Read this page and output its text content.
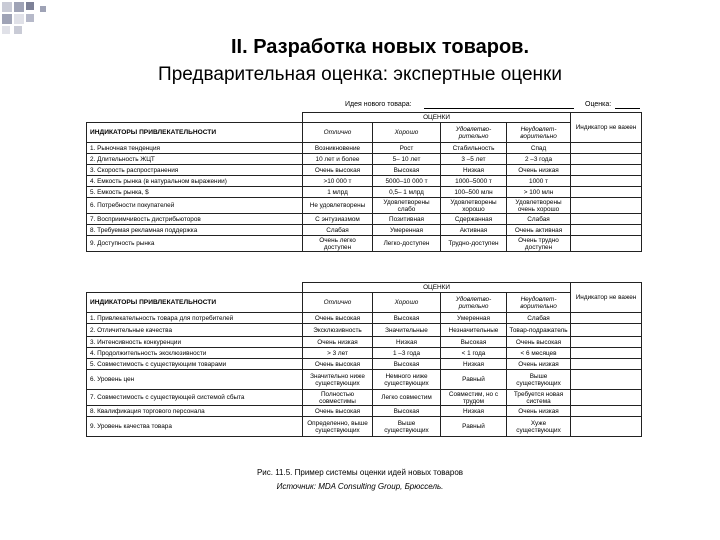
II. Разработка новых товаров.
Предварительная оценка: экспертные оценки
Идея нового товара:	Оценка:
	ОЦЕНКИ				Индикатор не важен
ИНДИКАТОРЫ ПРИВЛЕКАТЕЛЬНОСТИ	Отлично	Хорошо	Удовлетво-рительно	Неудовлет-ворительно	
1. Рыночная тенденция	Возникновение	Рост	Стабильность	Спад	
2. Длительность ЖЦТ	10 лет и более	5– 10 лет	3 –5 лет	2 –3 года	
3. Скорость распространения	Очень высокая	Высокая	Низкая	Очень низкая	
4. Емкость рынка (в натуральном выражении)	>10 000 т	5000–10 000 т	1000–5000 т	1000 т	
5. Емкость рынка, $	1 млрд	0,5– 1 млрд	100–500 млн	> 100 млн	
6. Потребности покупателей	Не удовлетворены	Удовлетворены слабо	Удовлетворены хорошо	Удовлетворены очень хорошо	
7. Восприимчивость дистрибьюторов	С энтузиазмом	Позитивная	Сдержанная	Слабая	
8. Требуемая рекламная поддержка	Слабая	Умеренная	Активная	Очень активная	
9. Доступность рынка	Очень легко доступен	Легко-доступен	Трудно-доступен	Очень трудно доступен	
	ОЦЕНКИ				Индикатор не важен
ИНДИКАТОРЫ ПРИВЛЕКАТЕЛЬНОСТИ	Отлично	Хорошо	Удовлетво-рительно	Неудовлет-ворительно	
1. Привлекательность товара для потребителей	Очень высокая	Высокая	Умеренная	Слабая	
2. Отличительные качества	Эксклюзивность	Значительные	Незначительные	Товар-подражатель	
3. Интенсивность конкуренции	Очень низкая	Низкая	Высокая	Очень высокая	
4. Продолжительность эксклюзивности	> 3 лет	1 –3 года	< 1 года	< 6 месяцев	
5. Совместимость с существующим товарами	Очень высокая	Высокая	Низкая	Очень низкая	
6. Уровень цен	Значительно ниже существующих	Немного ниже существующих	Равный	Выше существующих	
7. Совместимость с существующей системой сбыта	Полностью совместимы	Легко совместим	Совместим, но с трудом	Требуется новая система	
8. Квалификация торгового персонала	Очень высокая	Высокая	Низкая	Очень низкая	
9. Уровень качества товара	Определенно, выше существующих	Выше существующих	Равный	Хуже существующих	
Рис. 11.5. Пример системы оценки идей новых товаров
Источник: MDA Consulting Group, Брюссель.
